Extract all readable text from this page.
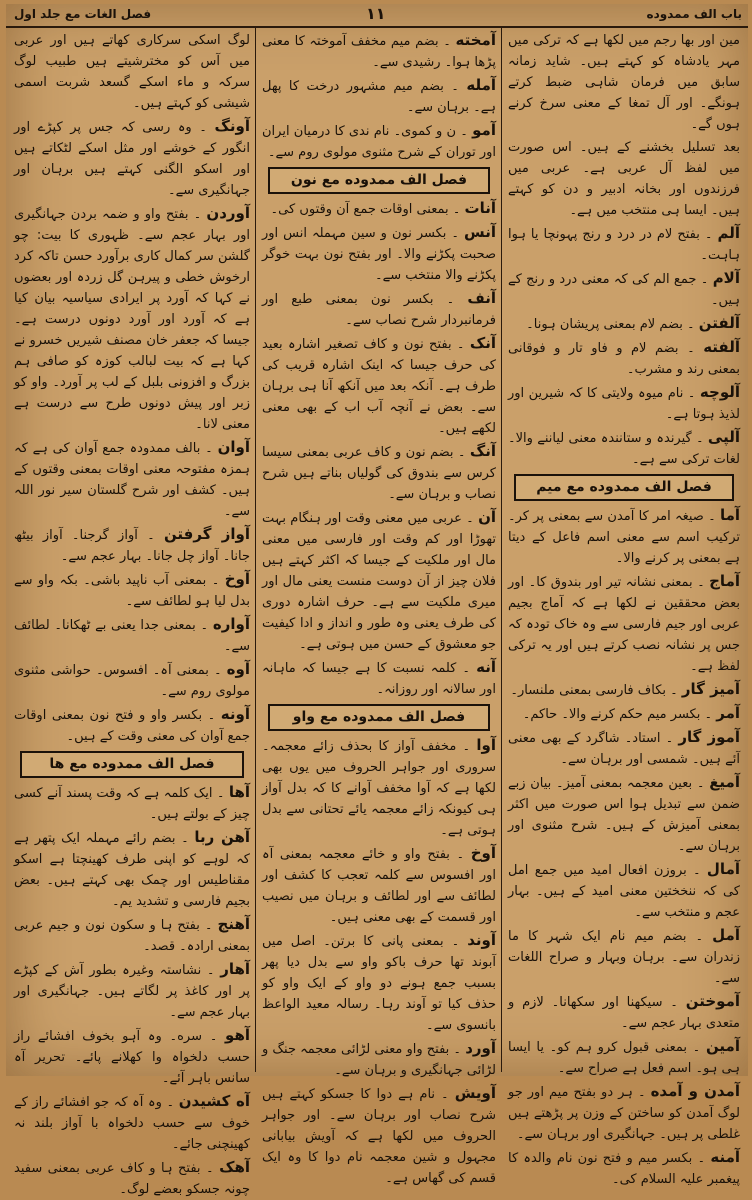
باب الف ممدوده
١١
فصل الغات مع جلد اول

مین اور بھا رجم میں لکھا ہے کہ ترکی میں مہر یادشاہ کو کہتے ہیں۔ شاید زمانہ سابق میں فرمان شاہی ضبط کرتے ہونگے۔ اور آل تمغا کے معنی سرخ کرنے ہوں گے۔

بعد تسلیل بخشنے کے ہیں۔ اس صورت میں لفظ آل عربی ہے۔ عربی میں فرزندوں اور بخانہ ادبیر و دن کو کہتے ہیں۔ ایسا ہی منتخب میں ہے۔

آلم ۔ بفتح لام در درد و رنج پہونچا یا ہوا ہاہت۔

آلام ۔ جمع الم کی کہ معنی درد و رنج کے ہیں۔

آلفتن ۔ بضم لام بمعنی پریشان ہونا۔

آلفته ۔ بضم لام و فاو تار و فوقانی بمعنی رند و مشرب۔

آلوچه ۔ نام میوہ ولایتی کا کہ شیرین اور لذیذ ہوتا ہے۔

آلپی ۔ گیرندہ و ستانندہ معنی لیاننے والا۔ لغات ترکی سے ہے۔

فصل الف ممدوده مع میم

آما ۔ صیغہ امر کا آمدن سے بمعنی پر کر۔ ترکیب اسم سے معنی اسم فاعل کے دیتا ہے بمعنی پر کرنے والا۔

آماج ۔ بمعنی نشانہ تیر اور بندوق کا۔ اور بعض محققین نے لکھا ہے کہ آماج بجیم عربی اور جیم فارسی سے وہ خاک تودہ کہ جس پر نشانہ نصب کرتے ہیں اور یہ ترکی لفظ ہے۔

آمیز گار ۔ بکاف فارسی بمعنی ملنسار۔

آمر ۔ بکسر میم حکم کرنے والا۔ حاکم۔

آموز گار ۔ استاد۔ شاگرد کے بھی معنی آئے ہیں۔ شمسی اور برہان سے۔

آمیغ ۔ بعین معجمہ بمعنی آمیز۔ بیان زبے ضمن سے تبدیل ہوا اس صورت میں اکثر بمعنی آمیزش کے ہیں۔ شرح مثنوی اور برہان سے۔

آمال ۔ بروزن افعال امید میں جمع امل کی کہ ننخختین معنی امید کے ہیں۔ بہار عجم و منتخب سے۔

آمل ۔ بضم میم نام ایک شہر کا ما زندران سے۔ برہان وبہار و صراح اللغات سے۔

آموختن ۔ سیکھنا اور سکھانا۔ لازم و متعدی بہار عجم سے۔

آمین ۔ بمعنی قبول کرو ہم کو۔ یا ایسا ہی ہو۔ اسم فعل ہے صراح سے۔

آمدن و آمده ۔ ہر دو بفتح میم اور جو لوگ آمدن کو ساختن کے وزن پر پڑھتے ہیں غلطی پر ہیں۔ جہانگیری اور برہان سے۔

آمنه ۔ بکسر میم و فتح نون نام والدہ کا پیغمبر علیہ السلام کی۔

آمخته ۔ بضم میم مخفف آموختہ کا معنی پڑھا ہوا۔ رشیدی سے۔

آمله ۔ بضم میم مشہور درخت کا پھل ہے۔ برہان سے۔

آمو ۔ ن و کموی۔ نام ندی کا درمیان ایران اور توران کے شرح مثنوی مولوی روم سے۔

فصل الف ممدوده مع نون

آنات ۔ بمعنی اوقات جمع آن وقتوں کی۔

آنس ۔ بکسر نون و سین مہملہ انس اور صحبت پکڑنے والا۔ اور بفتح نون بہت خوگر پکڑنے والا منتخب سے۔

آنف ۔ بکسر نون بمعنی طبع اور فرمانبردار شرح نصاب سے۔

آنک ۔ بفتح نون و کاف تصغیر اشارہ بعید کی حرف جیسا کہ اینک اشارہ قریب کی طرف ہے۔ آنکہ بعد میں آنکھ آنا ہی برہان سے۔ بعض نے آنچہ آب اب کے بھی معنی لکھے ہیں۔

آنگ ۔ بضم نون و کاف عربی بمعنی سیسا کرس سے بندوق کی گولیاں بناتے ہیں شرح نصاب و برہان سے۔

آن ۔ عربی میں معنی وقت اور ہنگام بہت تھوڑا اور کم وقت اور فارسی میں معنی مال اور ملکیت کے جیسا کہ اکثر کہتے ہیں فلان چیز از آن دوست منست یعنی مال اور میری ملکیت سے ہے۔ حرف اشارہ دوری کی طرف یعنی وہ طور و انداز و ادا کیفیت جو معشوق کے حسن میں ہوتی ہے۔

آنه ۔ کلمہ نسبت کا ہے جیسا کہ ماہانہ اور سالانہ اور روزانہ۔

فصل الف ممدوده مع واو

آوا ۔ مخفف آواز کا بحذف زائے معجمہ۔ سروری اور جواہر الحروف میں یوں بھی لکھا ہے کہ آوا مخفف آوانے کا کہ بدل آواز ہی کیونکہ زائے معجمہ یائے تحتانی سے بدل ہوتی ہے۔

آوخ ۔ بفتح واو و خائے معجمہ بمعنی آہ اور افسوس سے کلمہ تعجب کا کشف اور لطائف سے اور لطائف و برہان میں نصیب اور قسمت کے بھی معنی ہیں۔

آوند ۔ بمعنی پانی کا برتن۔ اصل میں آبوند تھا حرف باکو واو سے بدل دیا پھر بسبب جمع ہونے دو واو کے ایک واو کو حذف کیا تو آوند رہا۔ رسالہ معید الواعظ بانسوی سے۔

آورد ۔ بفتح واو معنی لڑائی معجمہ جنگ و لڑائی جہانگیری و برہان سے۔

آویش ۔ نام ہے دوا کا جسکو کہتے ہیں شرح نصاب اور برہان سے۔ اور جواہر الحروف میں لکھا ہے کہ آویش بیابانی مجہول و شین معجمہ نام دوا کا وہ ایک قسم کی گھاس ہے۔

لوگ اسکی سرکاری کھاتے ہیں اور عربی میں آس کو مخترشیتے ہیں طبیب لوگ سرکہ و ماء اسکے گسعد شربت اسمی شیشی کو کہتے ہیں۔

آونگ ۔ وہ رسی کہ جس پر کپڑے اور انگور کے خوشے اور مثل اسکے لٹکاتے ہیں اور اسکو الگنی کہتے ہیں برہان اور جہانگیری سے۔

آوردن ۔ بفتح واو و ضمہ بردن جہانگیری اور بہار عجم سے۔ ظہوری کا بیت: چو گلشن سر کمال کاری برآورد حسن تاکہ کرد ارخوش خطی و پیرہن گل زردہ اور بعضوں نے کہا کہ آورد پر ایرادی سیاسیہ بیان کیا ہے کہ آورد اور آورد دونوں درست ہے۔ جیسا کہ جعفر خان مصنف شیریں خسرو نے کہا ہے کہ بیت لبالب کوزہ کو صافی ہم بزرگ و افزونی بلبل کے لب پر آورد۔ واو کو زبر اور پیش دونوں طرح سے درست ہے معنی لانا۔

آوان ۔ بالف ممدودہ جمع آوان کی ہے کہ ہمزہ مفتوحہ معنی اوقات بمعنی وقتوں کے ہیں۔ کشف اور شرح گلستان سیر نور اللہ سے۔

آواز گرفتن ۔ آواز گرجنا۔ آواز بیٹھ جانا۔ آواز چل جانا۔ بہار عجم سے۔

آوخ ۔ بمعنی آب ناپید باشی۔ بکہ واو سے بدل لیا ہو لطائف سے۔

آواره ۔ بمعنی جدا یعنی بے ٹھکانا۔ لطائف سے۔

آوه ۔ بمعنی آہ۔ افسوس۔ حواشی مثنوی مولوی روم سے۔

آونه ۔ بکسر واو و فتح نون بمعنی اوقات جمع آوان کی معنی وقت کے ہیں۔

فصل الف ممدوده مع ها

آها ۔ ایک کلمہ ہے کہ وقت پسند آنے کسی چیز کے بولتے ہیں۔

آهن ربا ۔ بضم رائے مہملہ ایک پتھر ہے کہ لوہے کو اپنی طرف کھینچتا ہے اسکو مقناطیس اور چمک بھی کہتے ہیں۔ بعض بجیم فارسی و تشدید یم۔

آهنج ۔ بفتح ہا و سکون نون و جیم عربی بمعنی ارادہ۔ قصد۔

آهار ۔ نشاستہ وغیرہ بطور آش کے کپڑے پر اور کاغذ پر لگاتے ہیں۔ جہانگیری اور بہار عجم سے۔

آهو ۔ سره۔ وہ آہو بخوف افشائے راز حسب دلخواہ وا کھلانے پائے۔ تحریر آہ سانس باہر آئے۔

آه کشیدن ۔ وہ آہ کہ جو افشائے راز کے خوف سے حسب دلخواہ با آواز بلند نہ کھینچنی جائے۔

آهک ۔ بفتح ہا و کاف عربی بمعنی سفید چونہ جسکو بعضے لوگ۔
